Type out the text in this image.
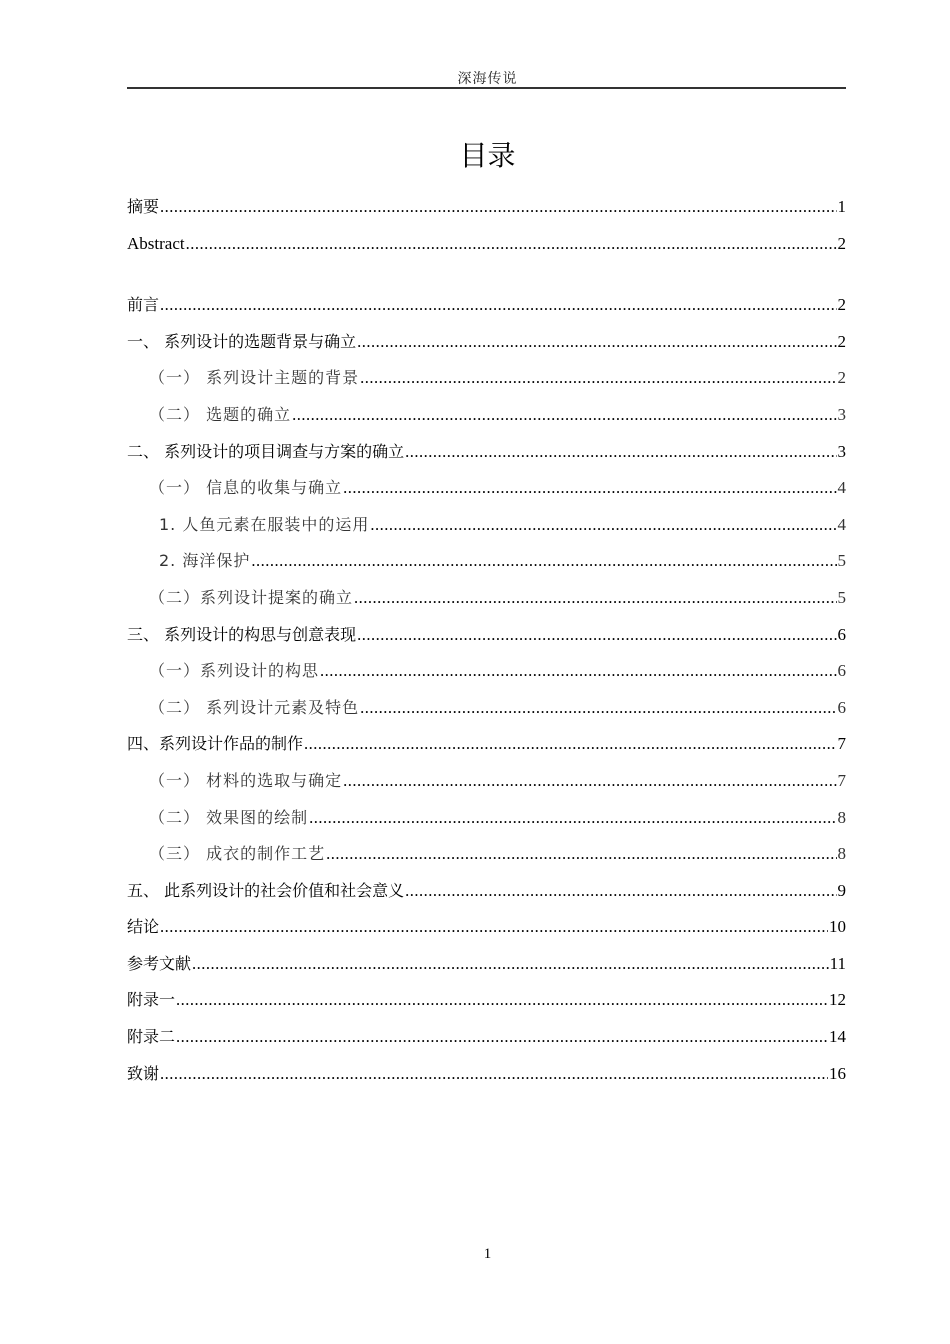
深海传说
目录
摘要 .....	1
Abstract .....	2
前言 .....	2
一、 系列设计的选题背景与确立 .....	2
（一） 系列设计主题的背景 .....	2
（二） 选题的确立 .....	3
二、 系列设计的项目调查与方案的确立 .....	3
（一） 信息的收集与确立 .....	4
1. 人鱼元素在服装中的运用 .....	4
2. 海洋保护 .....	5
（二）系列设计提案的确立 .....	5
三、 系列设计的构思与创意表现 .....	6
（一）系列设计的构思 .....	6
（二） 系列设计元素及特色 .....	6
四、系列设计作品的制作 .....	7
（一） 材料的选取与确定 .....	7
（二） 效果图的绘制 .....	8
（三） 成衣的制作工艺 .....	8
五、 此系列设计的社会价值和社会意义 .....	9
结论 .....	10
参考文献 .....	11
附录一 .....	12
附录二 .....	14
致谢 .....	16
1
